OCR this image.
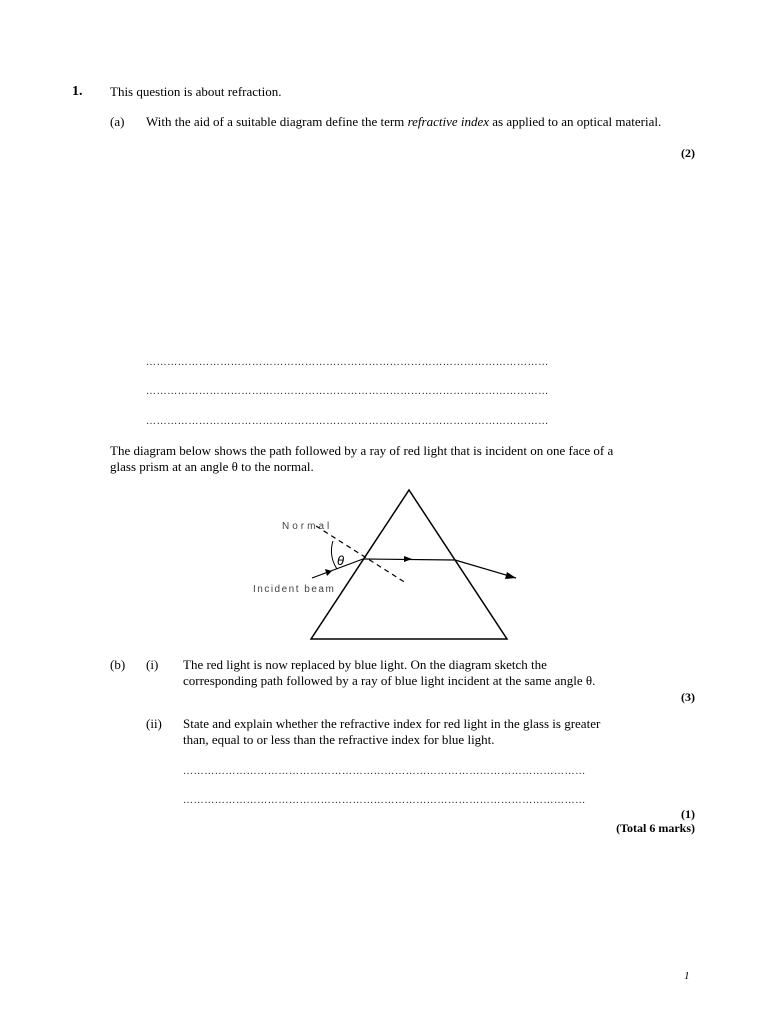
1. This question is about refraction.
(a) With the aid of a suitable diagram define the term refractive index as applied to an optical material.
(2)
……………………………………………………………………………………………………
……………………………………………………………………………………………………
……………………………………………………………………………………………………
The diagram below shows the path followed by a ray of red light that is incident on one face of a
glass prism at an angle θ to the normal.
θ
Normal
Incident beam
(b) (i) The red light is now replaced by blue light. On the diagram sketch the
corresponding path followed by a ray of blue light incident at the same angle θ.
(3)
(ii) State and explain whether the refractive index for red light in the glass is greater
than, equal to or less than the refractive index for blue light.
……………………………………………………………………………………………………
……………………………………………………………………………………………………
(1)
(Total 6 marks)
1
